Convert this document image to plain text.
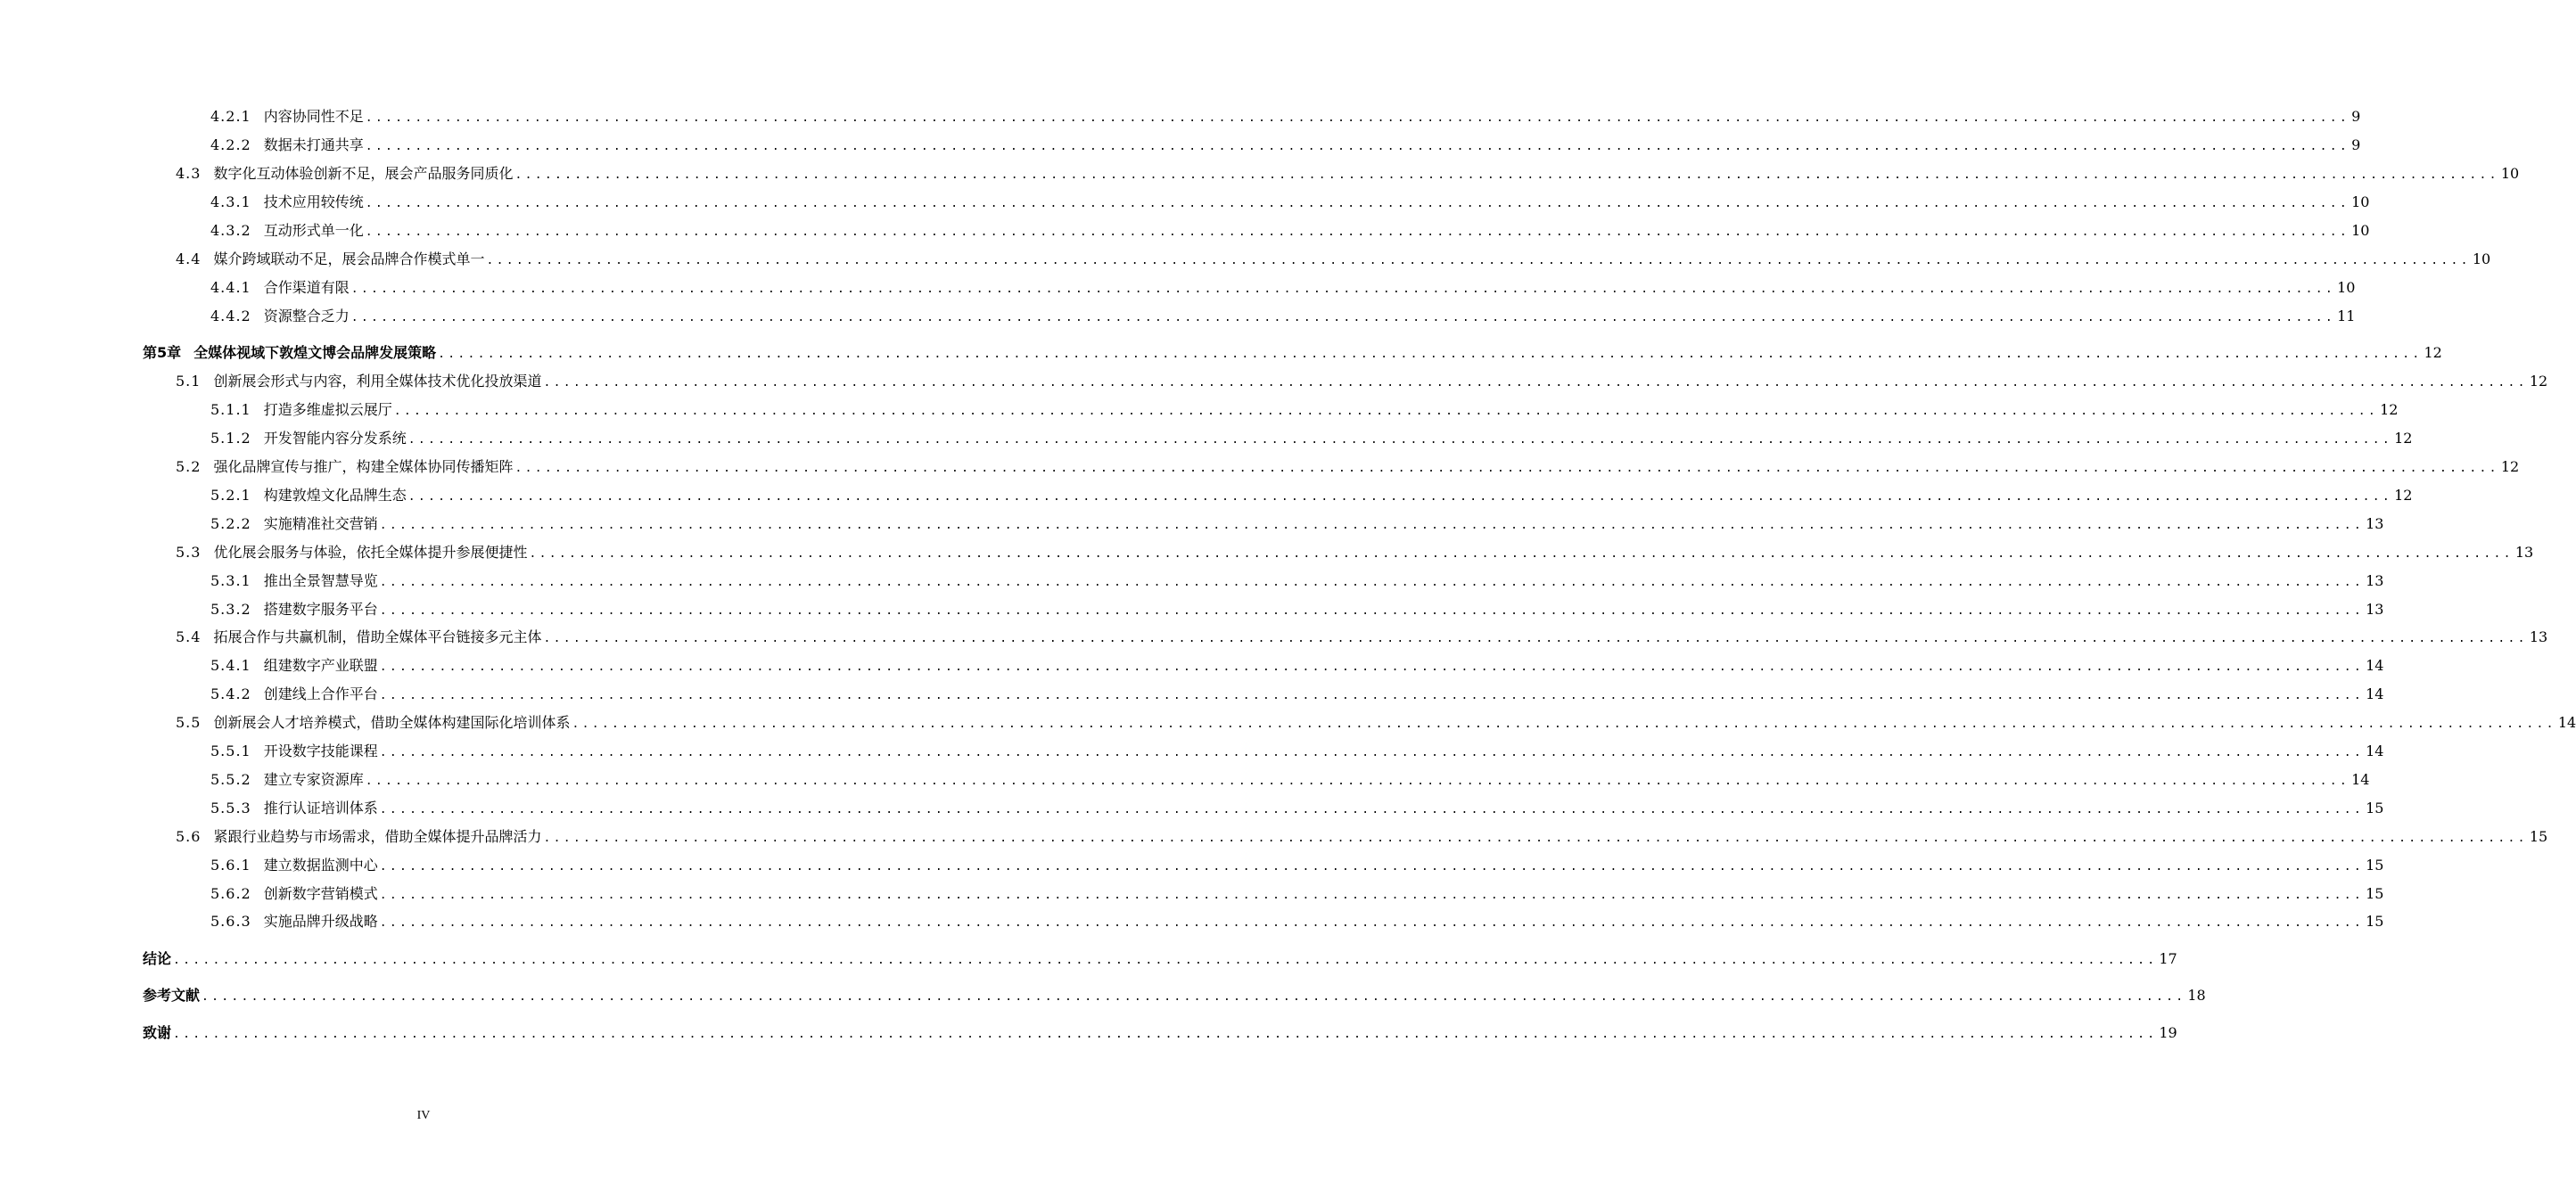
4.2.1 内容协同性不足 ........................................................................................................................................................................................................ 9
4.2.2 数据未打通共享 ........................................................................................................................................................................................................ 9
4.3 数字化互动体验创新不足，展会产品服务同质化 ........................................................................................................................................................................................................ 10
4.3.1 技术应用较传统 ........................................................................................................................................................................................................ 10
4.3.2 互动形式单一化 ........................................................................................................................................................................................................ 10
4.4 媒介跨域联动不足，展会品牌合作模式单一 ........................................................................................................................................................................................................ 10
4.4.1 合作渠道有限 ........................................................................................................................................................................................................ 10
4.4.2 资源整合乏力 ........................................................................................................................................................................................................ 11
第5章 全媒体视域下敦煌文博会品牌发展策略 ........................................................................................................................................................................................................ 12
5.1 创新展会形式与内容，利用全媒体技术优化投放渠道 ........................................................................................................................................................................................................ 12
5.1.1 打造多维虚拟云展厅 ........................................................................................................................................................................................................ 12
5.1.2 开发智能内容分发系统 ........................................................................................................................................................................................................ 12
5.2 强化品牌宣传与推广，构建全媒体协同传播矩阵 ........................................................................................................................................................................................................ 12
5.2.1 构建敦煌文化品牌生态 ........................................................................................................................................................................................................ 12
5.2.2 实施精准社交营销 ........................................................................................................................................................................................................ 13
5.3 优化展会服务与体验，依托全媒体提升参展便捷性 ........................................................................................................................................................................................................ 13
5.3.1 推出全景智慧导览 ........................................................................................................................................................................................................ 13
5.3.2 搭建数字服务平台 ........................................................................................................................................................................................................ 13
5.4 拓展合作与共赢机制，借助全媒体平台链接多元主体 ........................................................................................................................................................................................................ 13
5.4.1 组建数字产业联盟 ........................................................................................................................................................................................................ 14
5.4.2 创建线上合作平台 ........................................................................................................................................................................................................ 14
5.5 创新展会人才培养模式，借助全媒体构建国际化培训体系 ........................................................................................................................................................................................................ 14
5.5.1 开设数字技能课程 ........................................................................................................................................................................................................ 14
5.5.2 建立专家资源库 ........................................................................................................................................................................................................ 14
5.5.3 推行认证培训体系 ........................................................................................................................................................................................................ 15
5.6 紧跟行业趋势与市场需求，借助全媒体提升品牌活力 ........................................................................................................................................................................................................ 15
5.6.1 建立数据监测中心 ........................................................................................................................................................................................................ 15
5.6.2 创新数字营销模式 ........................................................................................................................................................................................................ 15
5.6.3 实施品牌升级战略 ........................................................................................................................................................................................................ 15
结论 ........................................................................................................................................................................................................ 17
参考文献 ........................................................................................................................................................................................................ 18
致谢 ........................................................................................................................................................................................................ 19
IV
